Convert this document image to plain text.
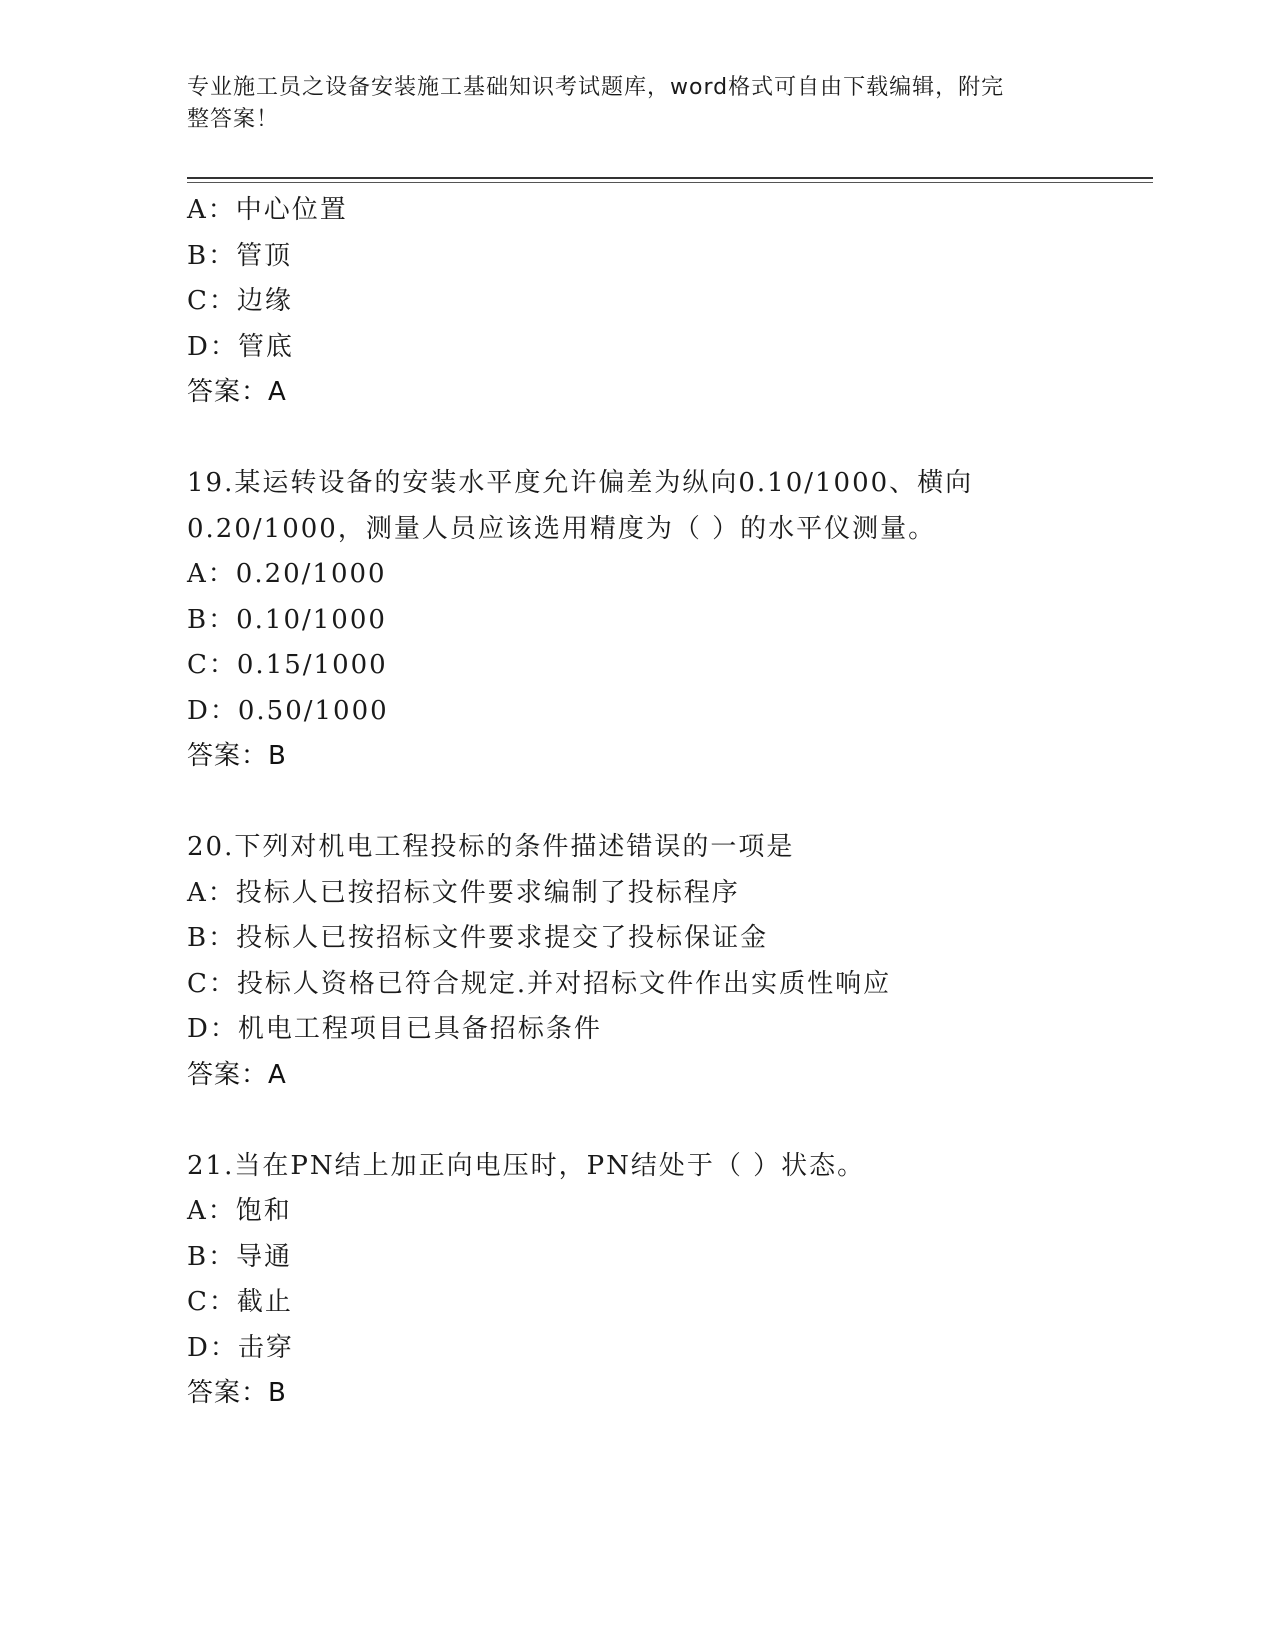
专业施工员之设备安装施工基础知识考试题库，word格式可自由下载编辑，附完
整答案！
A：中心位置
B：管顶
C：边缘
D：管底
答案：A
19.某运转设备的安装水平度允许偏差为纵向0.10/1000、横向
0.20/1000，测量人员应该选用精度为（ ）的水平仪测量。
A：0.20/1000
B：0.10/1000
C：0.15/1000
D：0.50/1000
答案：B
20.下列对机电工程投标的条件描述错误的一项是
A：投标人已按招标文件要求编制了投标程序
B：投标人已按招标文件要求提交了投标保证金
C：投标人资格已符合规定.并对招标文件作出实质性响应
D：机电工程项目已具备招标条件
答案：A
21.当在PN结上加正向电压时，PN结处于（ ）状态。
A：饱和
B：导通
C：截止
D：击穿
答案：B
